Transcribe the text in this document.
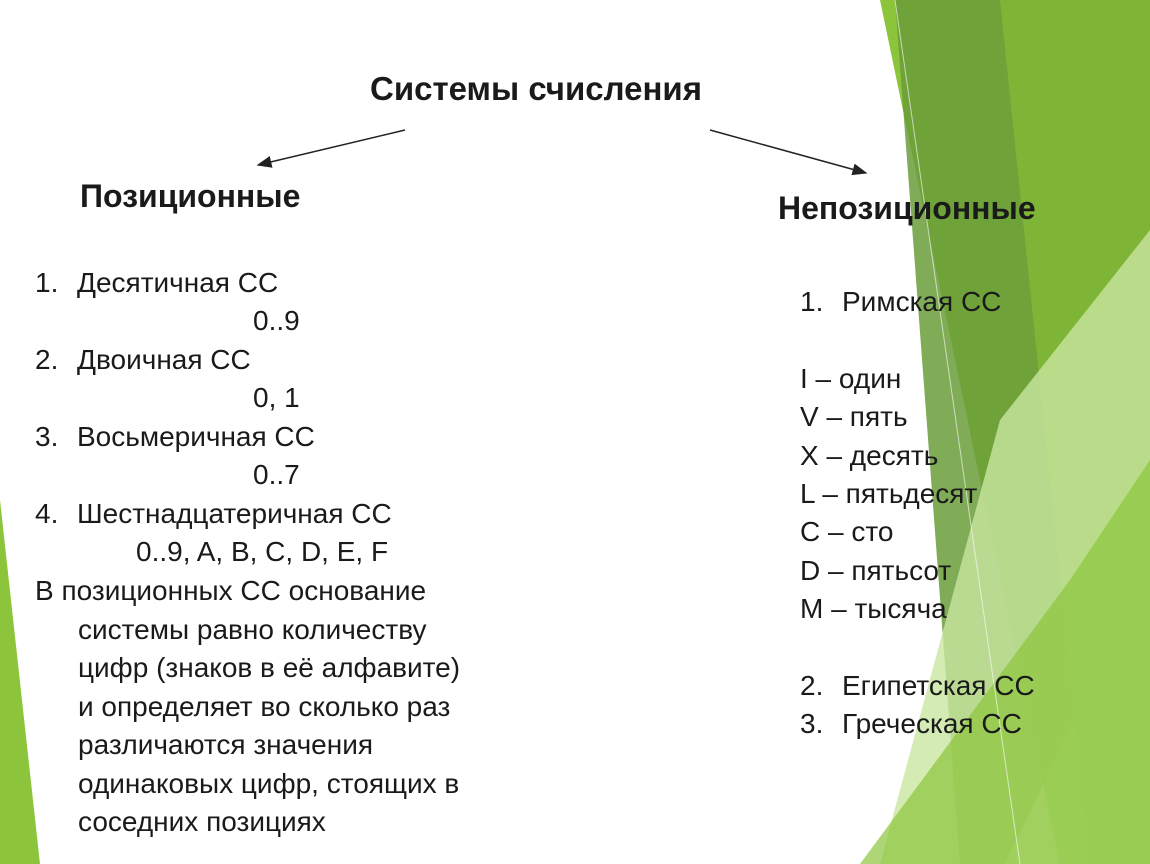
Системы счисления
Позиционные	Непозиционные
1. Десятичная СС
0..9
2. Двоичная СС
0, 1
3. Восьмеричная СС
0..7
4. Шестнадцатеричная СС
0..9, A, B, C, D, E, F
В позиционных СС основание
системы равно количеству
цифр (знаков в её алфавите)
и определяет во сколько раз
различаются значения
одинаковых цифр, стоящих в
соседних позициях
1. Римская СС
I – один
V – пять
X – десять
L – пятьдесят
C – сто
D – пятьсот
M – тысяча
2. Египетская СС
3. Греческая СС
